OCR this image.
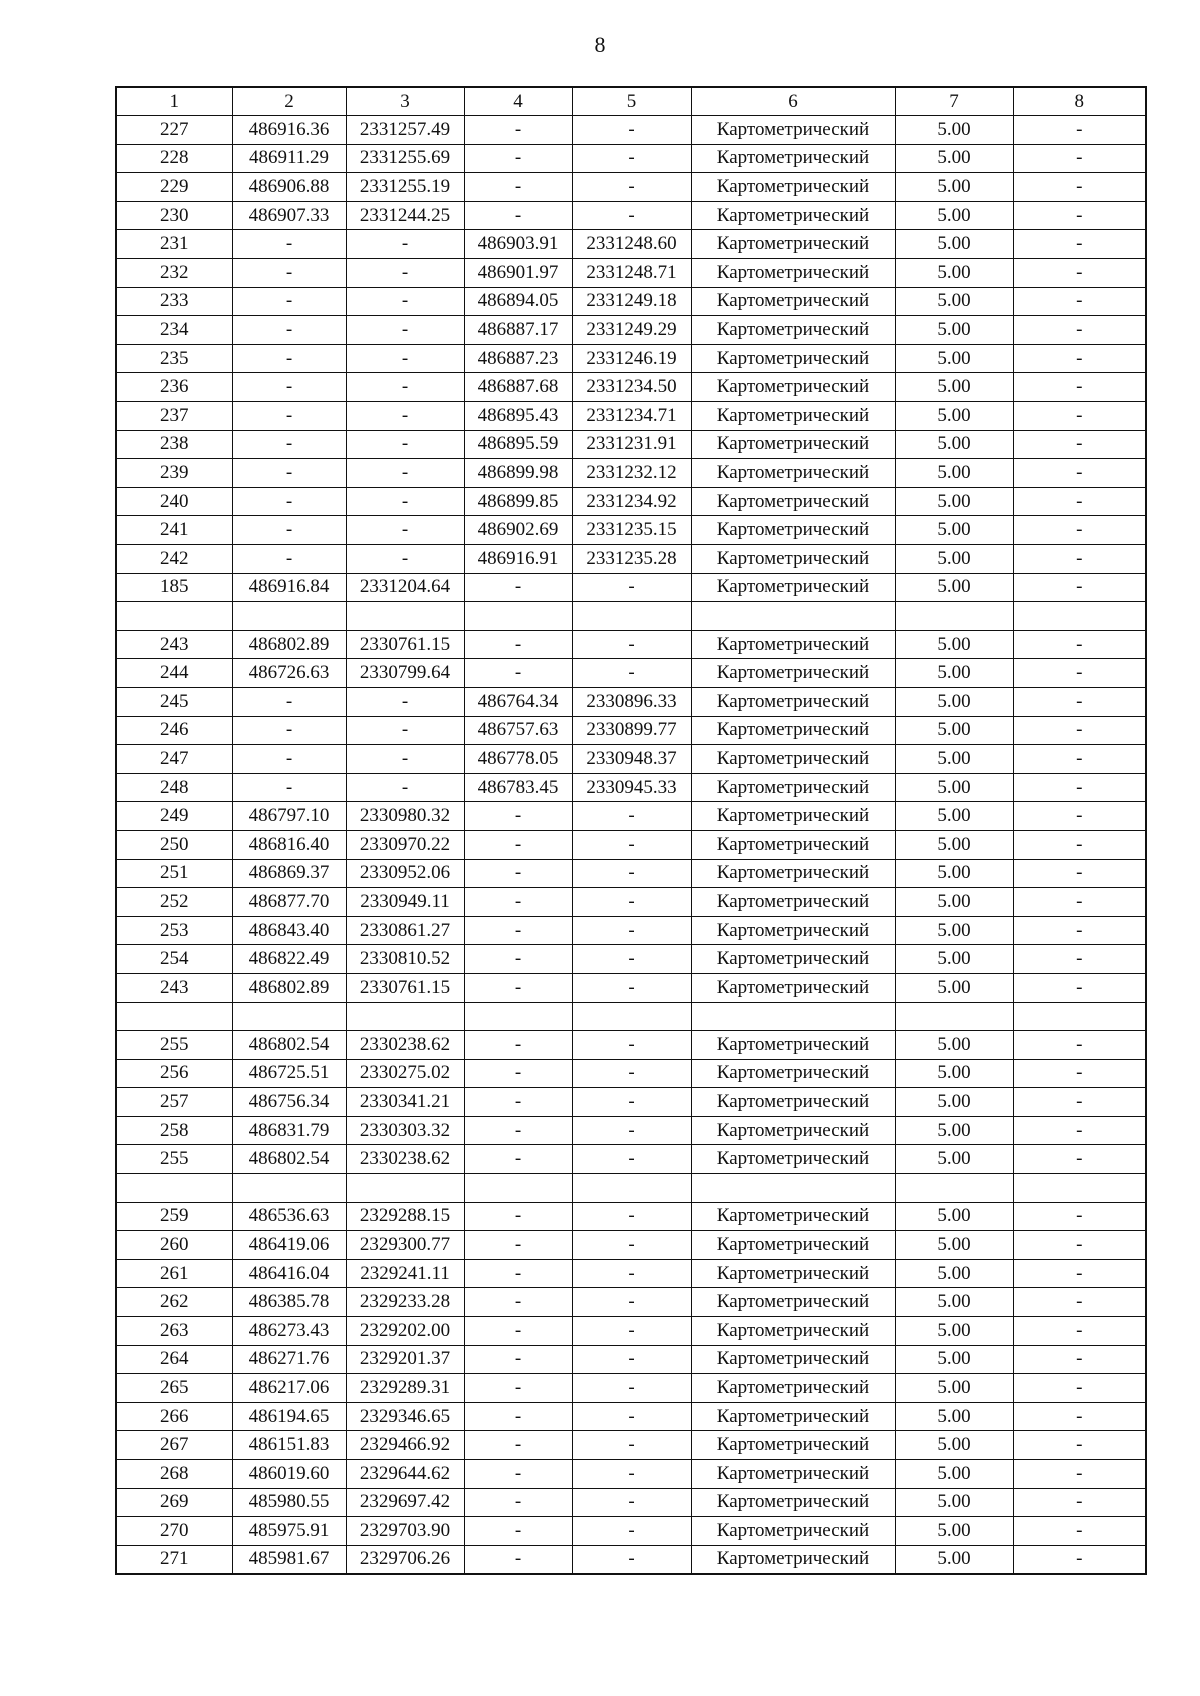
8
1	2	3	4	5	6	7	8
227	486916.36	2331257.49	-	-	Картометрический	5.00	-
228	486911.29	2331255.69	-	-	Картометрический	5.00	-
229	486906.88	2331255.19	-	-	Картометрический	5.00	-
230	486907.33	2331244.25	-	-	Картометрический	5.00	-
231	-	-	486903.91	2331248.60	Картометрический	5.00	-
232	-	-	486901.97	2331248.71	Картометрический	5.00	-
233	-	-	486894.05	2331249.18	Картометрический	5.00	-
234	-	-	486887.17	2331249.29	Картометрический	5.00	-
235	-	-	486887.23	2331246.19	Картометрический	5.00	-
236	-	-	486887.68	2331234.50	Картометрический	5.00	-
237	-	-	486895.43	2331234.71	Картометрический	5.00	-
238	-	-	486895.59	2331231.91	Картометрический	5.00	-
239	-	-	486899.98	2331232.12	Картометрический	5.00	-
240	-	-	486899.85	2331234.92	Картометрический	5.00	-
241	-	-	486902.69	2331235.15	Картометрический	5.00	-
242	-	-	486916.91	2331235.28	Картометрический	5.00	-
185	486916.84	2331204.64	-	-	Картометрический	5.00	-

243	486802.89	2330761.15	-	-	Картометрический	5.00	-
244	486726.63	2330799.64	-	-	Картометрический	5.00	-
245	-	-	486764.34	2330896.33	Картометрический	5.00	-
246	-	-	486757.63	2330899.77	Картометрический	5.00	-
247	-	-	486778.05	2330948.37	Картометрический	5.00	-
248	-	-	486783.45	2330945.33	Картометрический	5.00	-
249	486797.10	2330980.32	-	-	Картометрический	5.00	-
250	486816.40	2330970.22	-	-	Картометрический	5.00	-
251	486869.37	2330952.06	-	-	Картометрический	5.00	-
252	486877.70	2330949.11	-	-	Картометрический	5.00	-
253	486843.40	2330861.27	-	-	Картометрический	5.00	-
254	486822.49	2330810.52	-	-	Картометрический	5.00	-
243	486802.89	2330761.15	-	-	Картометрический	5.00	-

255	486802.54	2330238.62	-	-	Картометрический	5.00	-
256	486725.51	2330275.02	-	-	Картометрический	5.00	-
257	486756.34	2330341.21	-	-	Картометрический	5.00	-
258	486831.79	2330303.32	-	-	Картометрический	5.00	-
255	486802.54	2330238.62	-	-	Картометрический	5.00	-

259	486536.63	2329288.15	-	-	Картометрический	5.00	-
260	486419.06	2329300.77	-	-	Картометрический	5.00	-
261	486416.04	2329241.11	-	-	Картометрический	5.00	-
262	486385.78	2329233.28	-	-	Картометрический	5.00	-
263	486273.43	2329202.00	-	-	Картометрический	5.00	-
264	486271.76	2329201.37	-	-	Картометрический	5.00	-
265	486217.06	2329289.31	-	-	Картометрический	5.00	-
266	486194.65	2329346.65	-	-	Картометрический	5.00	-
267	486151.83	2329466.92	-	-	Картометрический	5.00	-
268	486019.60	2329644.62	-	-	Картометрический	5.00	-
269	485980.55	2329697.42	-	-	Картометрический	5.00	-
270	485975.91	2329703.90	-	-	Картометрический	5.00	-
271	485981.67	2329706.26	-	-	Картометрический	5.00	-
